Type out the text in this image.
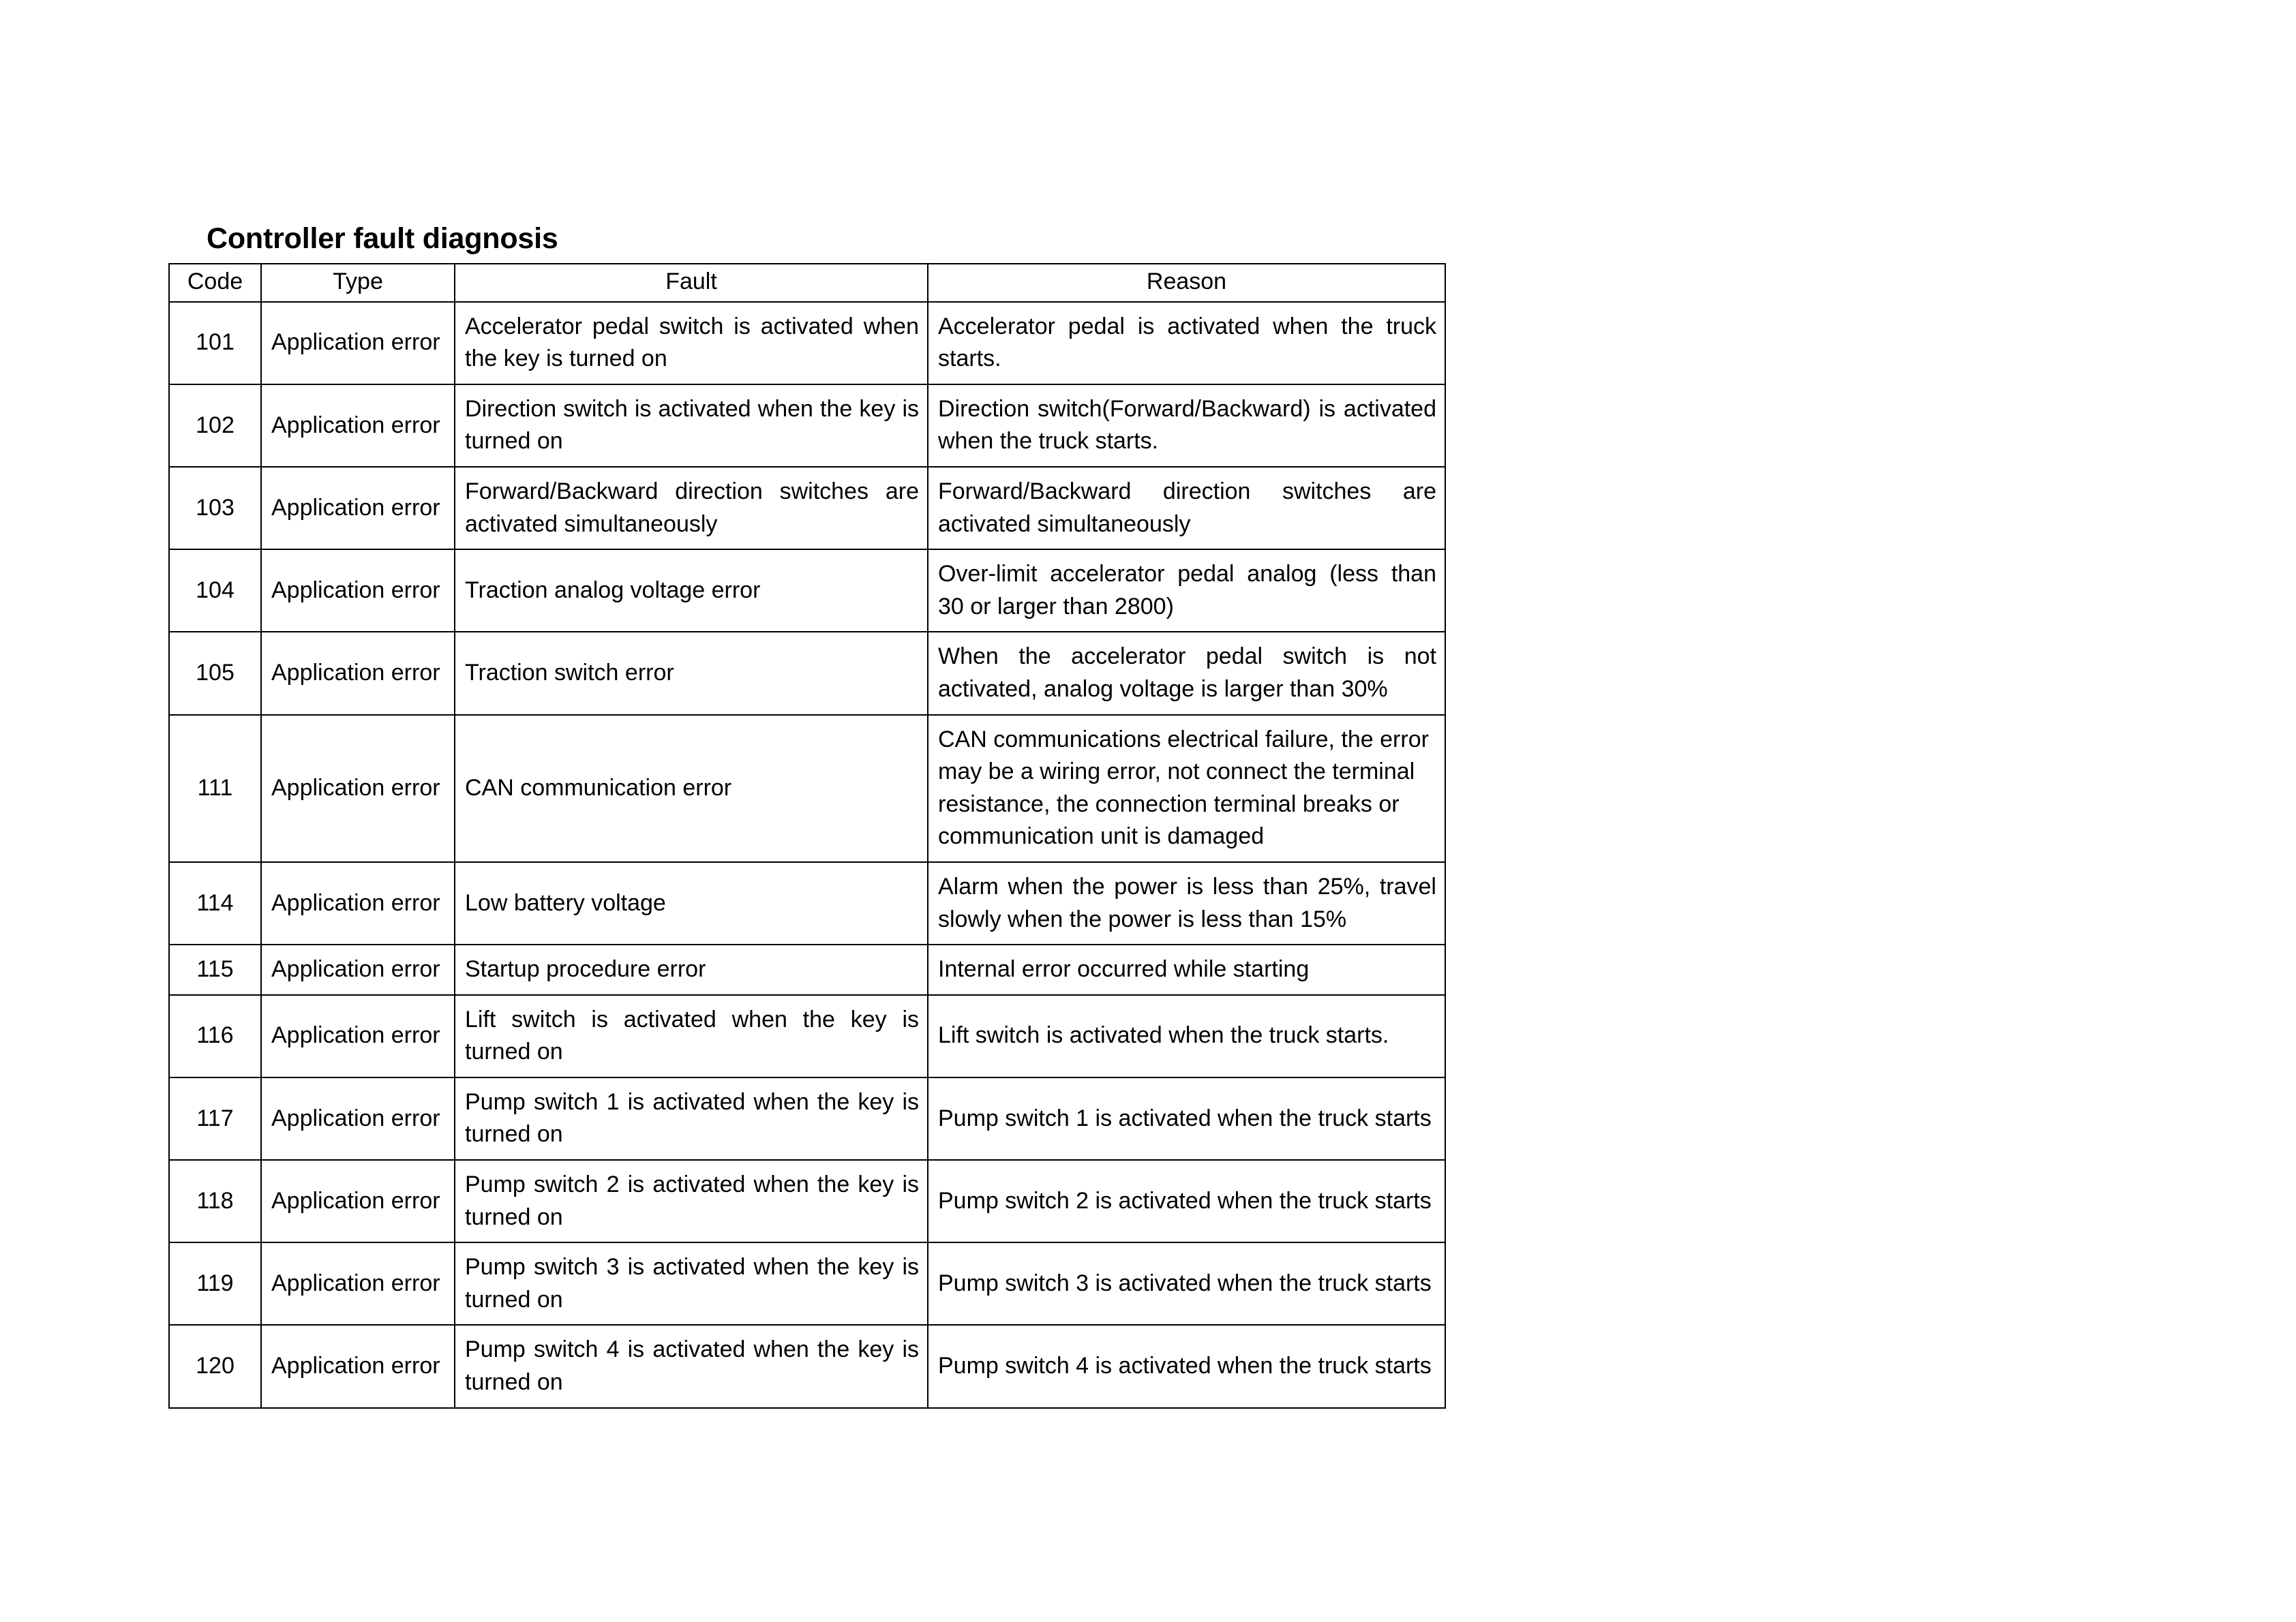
Controller fault diagnosis
Code	Type	Fault	Reason
101	Application error	Accelerator pedal switch is activated when the key is turned on	Accelerator pedal is activated when the truck starts.
102	Application error	Direction switch is activated when the key is turned on	Direction switch(Forward/Backward) is activated when the truck starts.
103	Application error	Forward/Backward direction switches are activated simultaneously	Forward/Backward direction switches are activated simultaneously
104	Application error	Traction analog voltage error	Over-limit accelerator pedal analog (less than 30 or larger than 2800)
105	Application error	Traction switch error	When the accelerator pedal switch is not activated, analog voltage is larger than 30%
111	Application error	CAN communication error	CAN communications electrical failure, the error may be a wiring error, not connect the terminal resistance, the connection terminal breaks or communication unit is damaged
114	Application error	Low battery voltage	Alarm when the power is less than 25%, travel slowly when the power is less than 15%
115	Application error	Startup procedure error	Internal error occurred while starting
116	Application error	Lift switch is activated when the key is turned on	Lift switch is activated when the truck starts.
117	Application error	Pump switch 1 is activated when the key is turned on	Pump switch 1 is activated when the truck starts
118	Application error	Pump switch 2 is activated when the key is turned on	Pump switch 2 is activated when the truck starts
119	Application error	Pump switch 3 is activated when the key is turned on	Pump switch 3 is activated when the truck starts
120	Application error	Pump switch 4 is activated when the key is turned on	Pump switch 4 is activated when the truck starts
